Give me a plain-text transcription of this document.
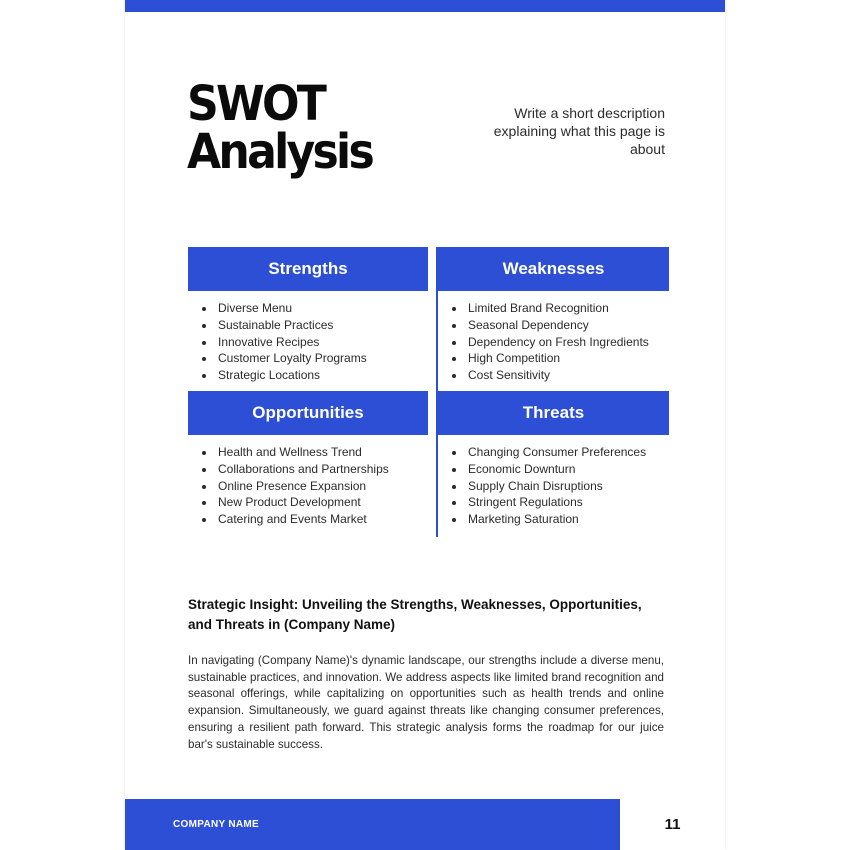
SWOT
Analysis
Write a short description explaining what this page is about
Strengths
• Diverse Menu
• Sustainable Practices
• Innovative Recipes
• Customer Loyalty Programs
• Strategic Locations
Weaknesses
• Limited Brand Recognition
• Seasonal Dependency
• Dependency on Fresh Ingredients
• High Competition
• Cost Sensitivity
Opportunities
• Health and Wellness Trend
• Collaborations and Partnerships
• Online Presence Expansion
• New Product Development
• Catering and Events Market
Threats
• Changing Consumer Preferences
• Economic Downturn
• Supply Chain Disruptions
• Stringent Regulations
• Marketing Saturation
Strategic Insight: Unveiling the Strengths, Weaknesses, Opportunities, and Threats in (Company Name)
In navigating (Company Name)'s dynamic landscape, our strengths include a diverse menu, sustainable practices, and innovation. We address aspects like limited brand recognition and seasonal offerings, while capitalizing on opportunities such as health trends and online expansion. Simultaneously, we guard against threats like changing consumer preferences, ensuring a resilient path forward. This strategic analysis forms the roadmap for our juice bar's sustainable success.
COMPANY NAME	11
